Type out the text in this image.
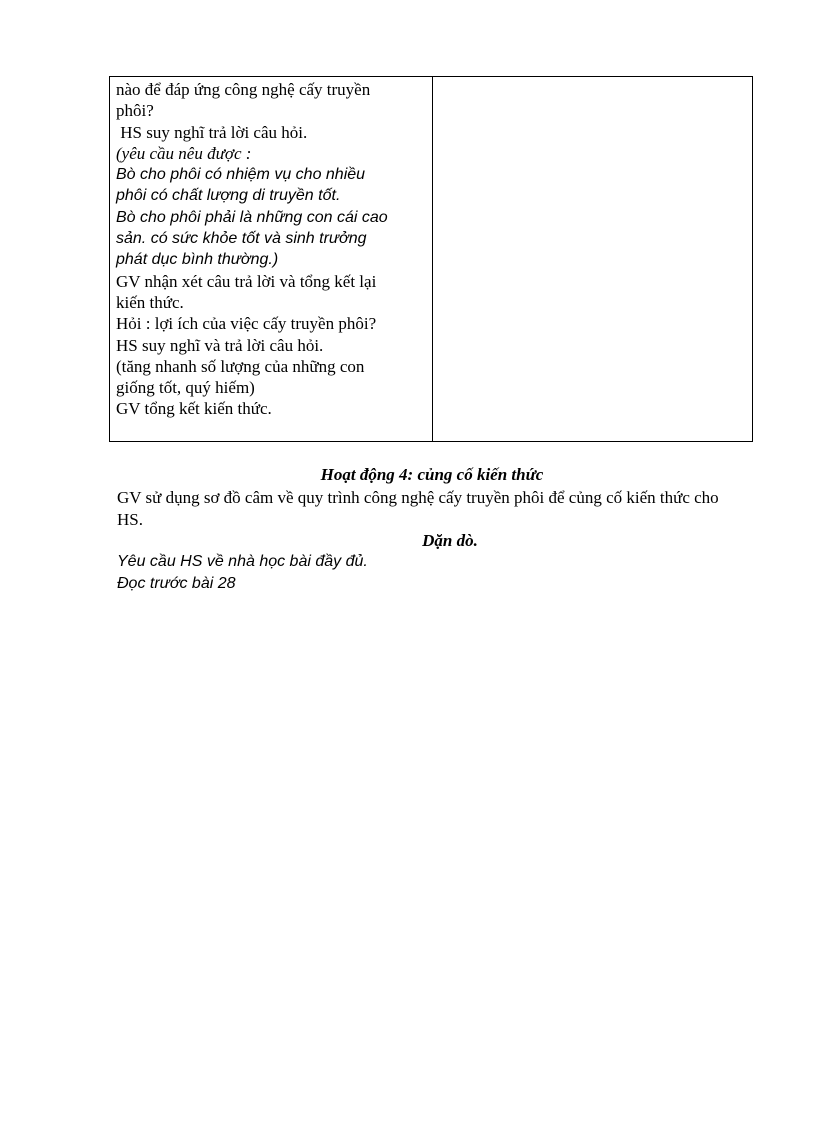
nào để đáp ứng công nghệ cấy truyền
phôi?
HS suy nghĩ trả lời câu hỏi.
(yêu cầu nêu được :
Bò cho phôi có nhiệm vụ cho nhiều
phôi có chất lượng di truyền tốt.
Bò cho phôi phải là những con cái cao
sản. có sức khỏe tốt và sinh trưởng
phát dục bình thường.)
GV nhận xét câu trả lời và tổng kết lại
kiến thức.
Hỏi : lợi ích của việc cấy truyền phôi?
HS suy nghĩ và trả lời câu hỏi.
(tăng nhanh số lượng của những con
giống tốt, quý hiếm)
GV tổng kết kiến thức.
Hoạt động 4: củng cố kiến thức
GV sử dụng sơ đồ câm về quy trình công nghệ cấy truyền phôi để củng cố kiến thức cho HS.
Dặn dò.
Yêu cầu HS về nhà học bài đầy đủ.
Đọc trước bài 28
